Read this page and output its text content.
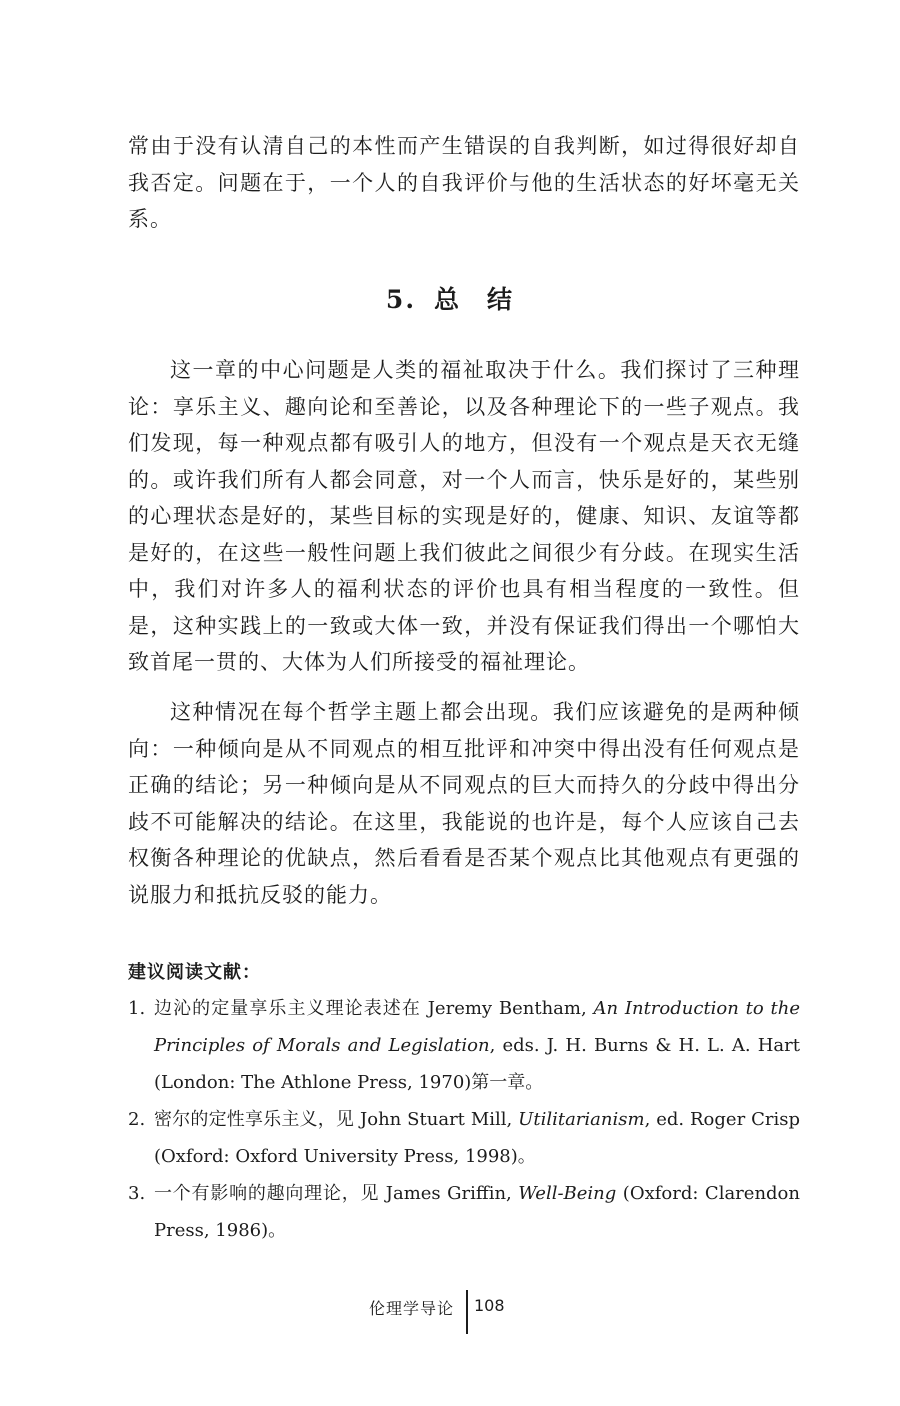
常由于没有认清自己的本性而产生错误的自我判断，如过得很好却自我否定。问题在于，一个人的自我评价与他的生活状态的好坏毫无关系。

5. 总 结

这一章的中心问题是人类的福祉取决于什么。我们探讨了三种理论：享乐主义、趣向论和至善论，以及各种理论下的一些子观点。我们发现，每一种观点都有吸引人的地方，但没有一个观点是天衣无缝的。或许我们所有人都会同意，对一个人而言，快乐是好的，某些别的心理状态是好的，某些目标的实现是好的，健康、知识、友谊等都是好的，在这些一般性问题上我们彼此之间很少有分歧。在现实生活中，我们对许多人的福利状态的评价也具有相当程度的一致性。但是，这种实践上的一致或大体一致，并没有保证我们得出一个哪怕大致首尾一贯的、大体为人们所接受的福祉理论。

这种情况在每个哲学主题上都会出现。我们应该避免的是两种倾向：一种倾向是从不同观点的相互批评和冲突中得出没有任何观点是正确的结论；另一种倾向是从不同观点的巨大而持久的分歧中得出分歧不可能解决的结论。在这里，我能说的也许是，每个人应该自己去权衡各种理论的优缺点，然后看看是否某个观点比其他观点有更强的说服力和抵抗反驳的能力。

建议阅读文献：
1. 边沁的定量享乐主义理论表述在 Jeremy Bentham, An Introduction to the Principles of Morals and Legislation, eds. J. H. Burns & H. L. A. Hart (London: The Athlone Press, 1970)第一章。
2. 密尔的定性享乐主义，见 John Stuart Mill, Utilitarianism, ed. Roger Crisp (Oxford: Oxford University Press, 1998)。
3. 一个有影响的趣向理论，见 James Griffin, Well-Being (Oxford: Clarendon Press, 1986)。
伦理学导论 108
